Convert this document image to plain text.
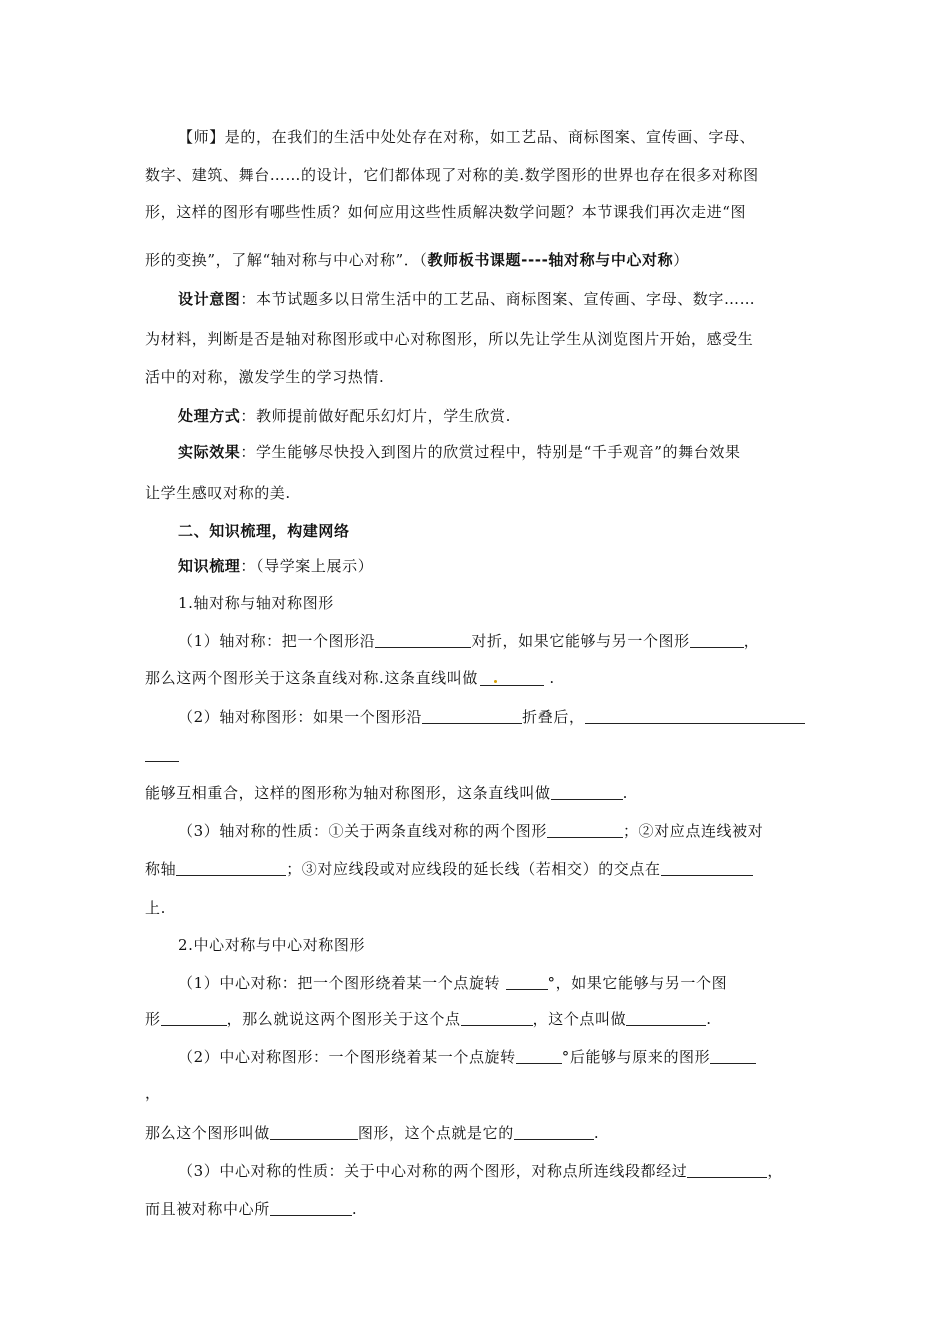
【师】是的，在我们的生活中处处存在对称，如工艺品、商标图案、宣传画、字母、
数字、建筑、舞台……的设计，它们都体现了对称的美.数学图形的世界也存在很多对称图
形，这样的图形有哪些性质？如何应用这些性质解决数学问题？本节课我们再次走进“图
形的变换”，了解“轴对称与中心对称”．（教师板书课题----轴对称与中心对称）
设计意图：本节试题多以日常生活中的工艺品、商标图案、宣传画、字母、数字……
为材料，判断是否是轴对称图形或中心对称图形，所以先让学生从浏览图片开始，感受生
活中的对称，激发学生的学习热情.
处理方式：教师提前做好配乐幻灯片，学生欣赏.
实际效果：学生能够尽快投入到图片的欣赏过程中，特别是“千手观音”的舞台效果
让学生感叹对称的美.
二、知识梳理，构建网络
知识梳理：（导学案上展示）
1.轴对称与轴对称图形
（1）轴对称：把一个图形沿	对折，如果它能够与另一个图形	，
那么这两个图形关于这条直线对称.这条直线叫做	.
（2）轴对称图形：如果一个图形沿	折叠后，
能够互相重合，这样的图形称为轴对称图形，这条直线叫做	.
（3）轴对称的性质：①关于两条直线对称的两个图形	；②对应点连线被对
称轴	；③对应线段或对应线段的延长线（若相交）的交点在
上.
2.中心对称与中心对称图形
（1）中心对称：把一个图形绕着某一个点旋转	°，如果它能够与另一个图
形	，那么就说这两个图形关于这个点	，这个点叫做	.
（2）中心对称图形：一个图形绕着某一个点旋转	°后能够与原来的图形
，
那么这个图形叫做	图形，这个点就是它的	.
（3）中心对称的性质：关于中心对称的两个图形，对称点所连线段都经过	，
而且被对称中心所	.
